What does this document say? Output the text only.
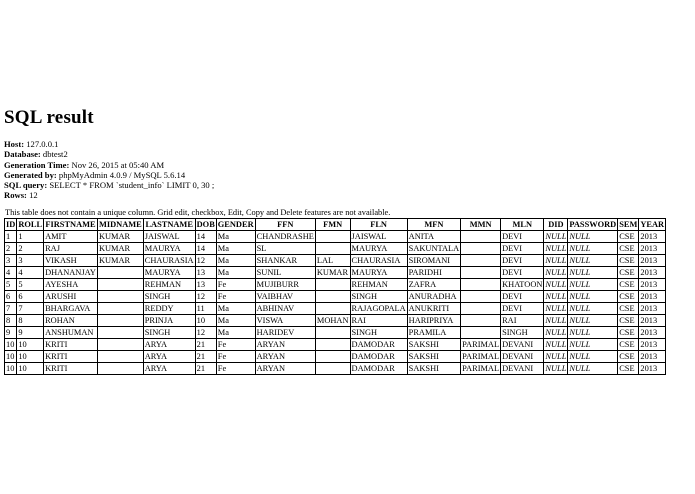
SQL result
Host: 127.0.0.1
Database: dbtest2
Generation Time: Nov 26, 2015 at 05:40 AM
Generated by: phpMyAdmin 4.0.9 / MySQL 5.6.14
SQL query: SELECT * FROM `student_info` LIMIT 0, 30 ;
Rows: 12
This table does not contain a unique column. Grid edit, checkbox, Edit, Copy and Delete features are not available.
ID	ROLL	FIRSTNAME	MIDNAME	LASTNAME	DOB	GENDER	FFN	FMN	FLN	MFN	MMN	MLN	DID	PASSWORD	SEM	YEAR
1	1	AMIT	KUMAR	JAISWAL	14	Ma	CHANDRASHE		JAISWAL	ANITA		DEVI	NULL	NULL	CSE	2013
2	2	RAJ	KUMAR	MAURYA	14	Ma	SL		MAURYA	SAKUNTALA		DEVI	NULL	NULL	CSE	2013
3	3	VIKASH	KUMAR	CHAURASIA	12	Ma	SHANKAR	LAL	CHAURASIA	SIROMANI		DEVI	NULL	NULL	CSE	2013
4	4	DHANANJAY		MAURYA	13	Ma	SUNIL	KUMAR	MAURYA	PARIDHI		DEVI	NULL	NULL	CSE	2013
5	5	AYESHA		REHMAN	13	Fe	MUJIBURR		REHMAN	ZAFRA		KHATOON	NULL	NULL	CSE	2013
6	6	ARUSHI		SINGH	12	Fe	VAIBHAV		SINGH	ANURADHA		DEVI	NULL	NULL	CSE	2013
7	7	BHARGAVA		REDDY	11	Ma	ABHINAV		RAJAGOPALA	ANUKRITI		DEVI	NULL	NULL	CSE	2013
8	8	ROHAN		PRINJA	10	Ma	VISWA	MOHAN	RAI	HARIPRIYA		RAI	NULL	NULL	CSE	2013
9	9	ANSHUMAN		SINGH	12	Ma	HARIDEV		SINGH	PRAMILA		SINGH	NULL	NULL	CSE	2013
10	10	KRITI		ARYA	21	Fe	ARYAN		DAMODAR	SAKSHI	PARIMAL	DEVANI	NULL	NULL	CSE	2013
10	10	KRITI		ARYA	21	Fe	ARYAN		DAMODAR	SAKSHI	PARIMAL	DEVANI	NULL	NULL	CSE	2013
10	10	KRITI		ARYA	21	Fe	ARYAN		DAMODAR	SAKSHI	PARIMAL	DEVANI	NULL	NULL	CSE	2013
